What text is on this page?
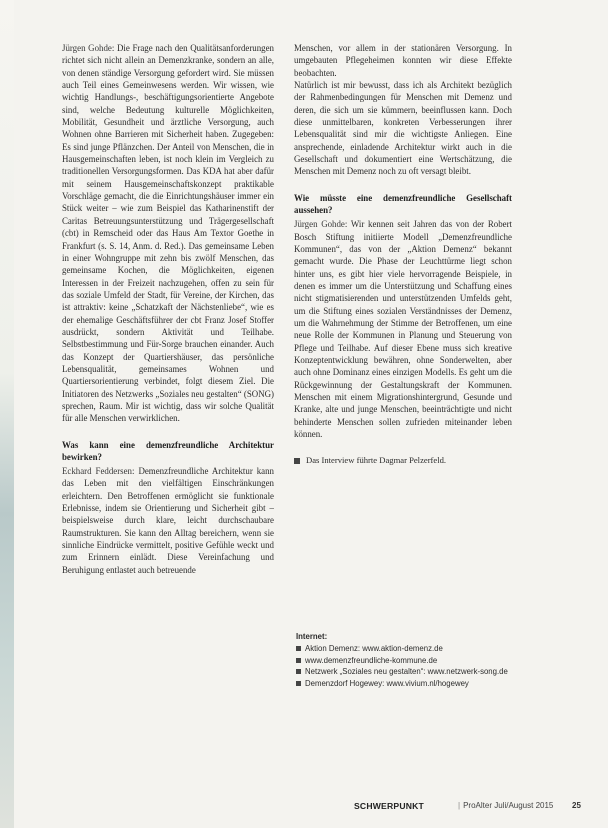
Jürgen Gohde: Die Frage nach den Qualitätsanforderungen richtet sich nicht allein an Demenzkranke, sondern an alle, von denen ständige Versorgung gefordert wird. Sie müssen auch Teil eines Gemeinwesens werden. Wir wissen, wie wichtig Handlungs-, beschäftigungsorientierte Angebote sind, welche Bedeutung kulturelle Möglichkeiten, Mobilität, Gesundheit und ärztliche Versorgung, auch Wohnen ohne Barrieren mit Sicherheit haben. Zugegeben: Es sind junge Pflänzchen. Der Anteil von Menschen, die in Hausgemeinschaften leben, ist noch klein im Vergleich zu traditionellen Versorgungsformen. Das KDA hat aber dafür mit seinem Hausgemeinschaftskonzept praktikable Vorschläge gemacht, die die Einrichtungshäuser immer ein Stück weiter – wie zum Beispiel das Katharinenstift der Caritas Betreuungsunterstützung und Trägergesellschaft (cbt) in Remscheid oder das Haus Am Textor Goethe in Frankfurt (s. S. 14, Anm. d. Red.). Das gemeinsame Leben in einer Wohngruppe mit zehn bis zwölf Menschen, das gemeinsame Kochen, die Möglichkeiten, eigenen Interessen in der Freizeit nachzugehen, offen zu sein für das soziale Umfeld der Stadt, für Vereine, der Kirchen, das ist attraktiv: keine „Schatzkaft der Nächstenliebe“, wie es der ehemalige Geschäftsführer der cbt Franz Josef Stoffer ausdrückt, sondern Aktivität und Teilhabe. Selbstbestimmung und Für-Sorge brauchen einander. Auch das Konzept der Quartiershäuser, das persönliche Lebensqualität, gemeinsames Wohnen und Quartiersorientierung verbindet, folgt diesem Ziel. Die Initiatoren des Netzwerks „Soziales neu gestalten“ (SONG) sprechen, Raum. Mir ist wichtig, dass wir solche Qualität für alle Menschen verwirklichen.

Was kann eine demenzfreundliche Architektur bewirken?

Eckhard Feddersen: Demenzfreundliche Architektur kann das Leben mit den vielfältigen Einschränkungen erleichtern. Den Betroffenen ermöglicht sie funktionale Erlebnisse, indem sie Orientierung und Sicherheit gibt – beispielsweise durch klare, leicht durchschaubare Raumstrukturen. Sie kann den Alltag bereichern, wenn sie sinnliche Eindrücke vermittelt, positive Gefühle weckt und zum Erinnern einlädt. Diese Vereinfachung und Beruhigung entlastet auch betreuende

Menschen, vor allem in der stationären Versorgung. In umgebauten Pflegeheimen konnten wir diese Effekte beobachten.

Natürlich ist mir bewusst, dass ich als Architekt bezüglich der Rahmenbedingungen für Menschen mit Demenz und deren, die sich um sie kümmern, beeinflussen kann. Doch diese unmittelbaren, konkreten Verbesserungen ihrer Lebensqualität sind mir die wichtigste Anliegen. Eine ansprechende, einladende Architektur wirkt auch in die Gesellschaft und dokumentiert eine Wertschätzung, die Menschen mit Demenz noch zu oft versagt bleibt.

Wie müsste eine demenzfreundliche Gesellschaft aussehen?

Jürgen Gohde: Wir kennen seit Jahren das von der Robert Bosch Stiftung initiierte Modell „Demenzfreundliche Kommunen“, das von der „Aktion Demenz“ bekannt gemacht wurde. Die Phase der Leuchttürme liegt schon hinter uns, es gibt hier viele hervorragende Beispiele, in denen es immer um die Unterstützung und Schaffung eines nicht stigmatisierenden und unterstützenden Umfelds geht, um die Stiftung eines sozialen Verständnisses der Demenz, um die Wahrnehmung der Stimme der Betroffenen, um eine neue Rolle der Kommunen in Planung und Steuerung von Pflege und Teilhabe. Auf dieser Ebene muss sich kreative Konzeptentwicklung bewähren, ohne Sonderwelten, aber auch ohne Dominanz eines einzigen Modells. Es geht um die Rückgewinnung der Gestaltungskraft der Kommunen. Menschen mit einem Migrationshintergrund, Gesunde und Kranke, alte und junge Menschen, beeinträchtigte und nicht behinderte Menschen sollen zufrieden miteinander leben können.

Das Interview führte Dagmar Pelzerfeld.
Internet:
Aktion Demenz: www.aktion-demenz.de
www.demenzfreundliche-kommune.de
Netzwerk „Soziales neu gestalten“: www.netzwerk-song.de
Demenzdorf Hogewey: www.vivium.nl/hogewey
SCHWERPUNKT	| ProAlter Juli/August 2015 25
